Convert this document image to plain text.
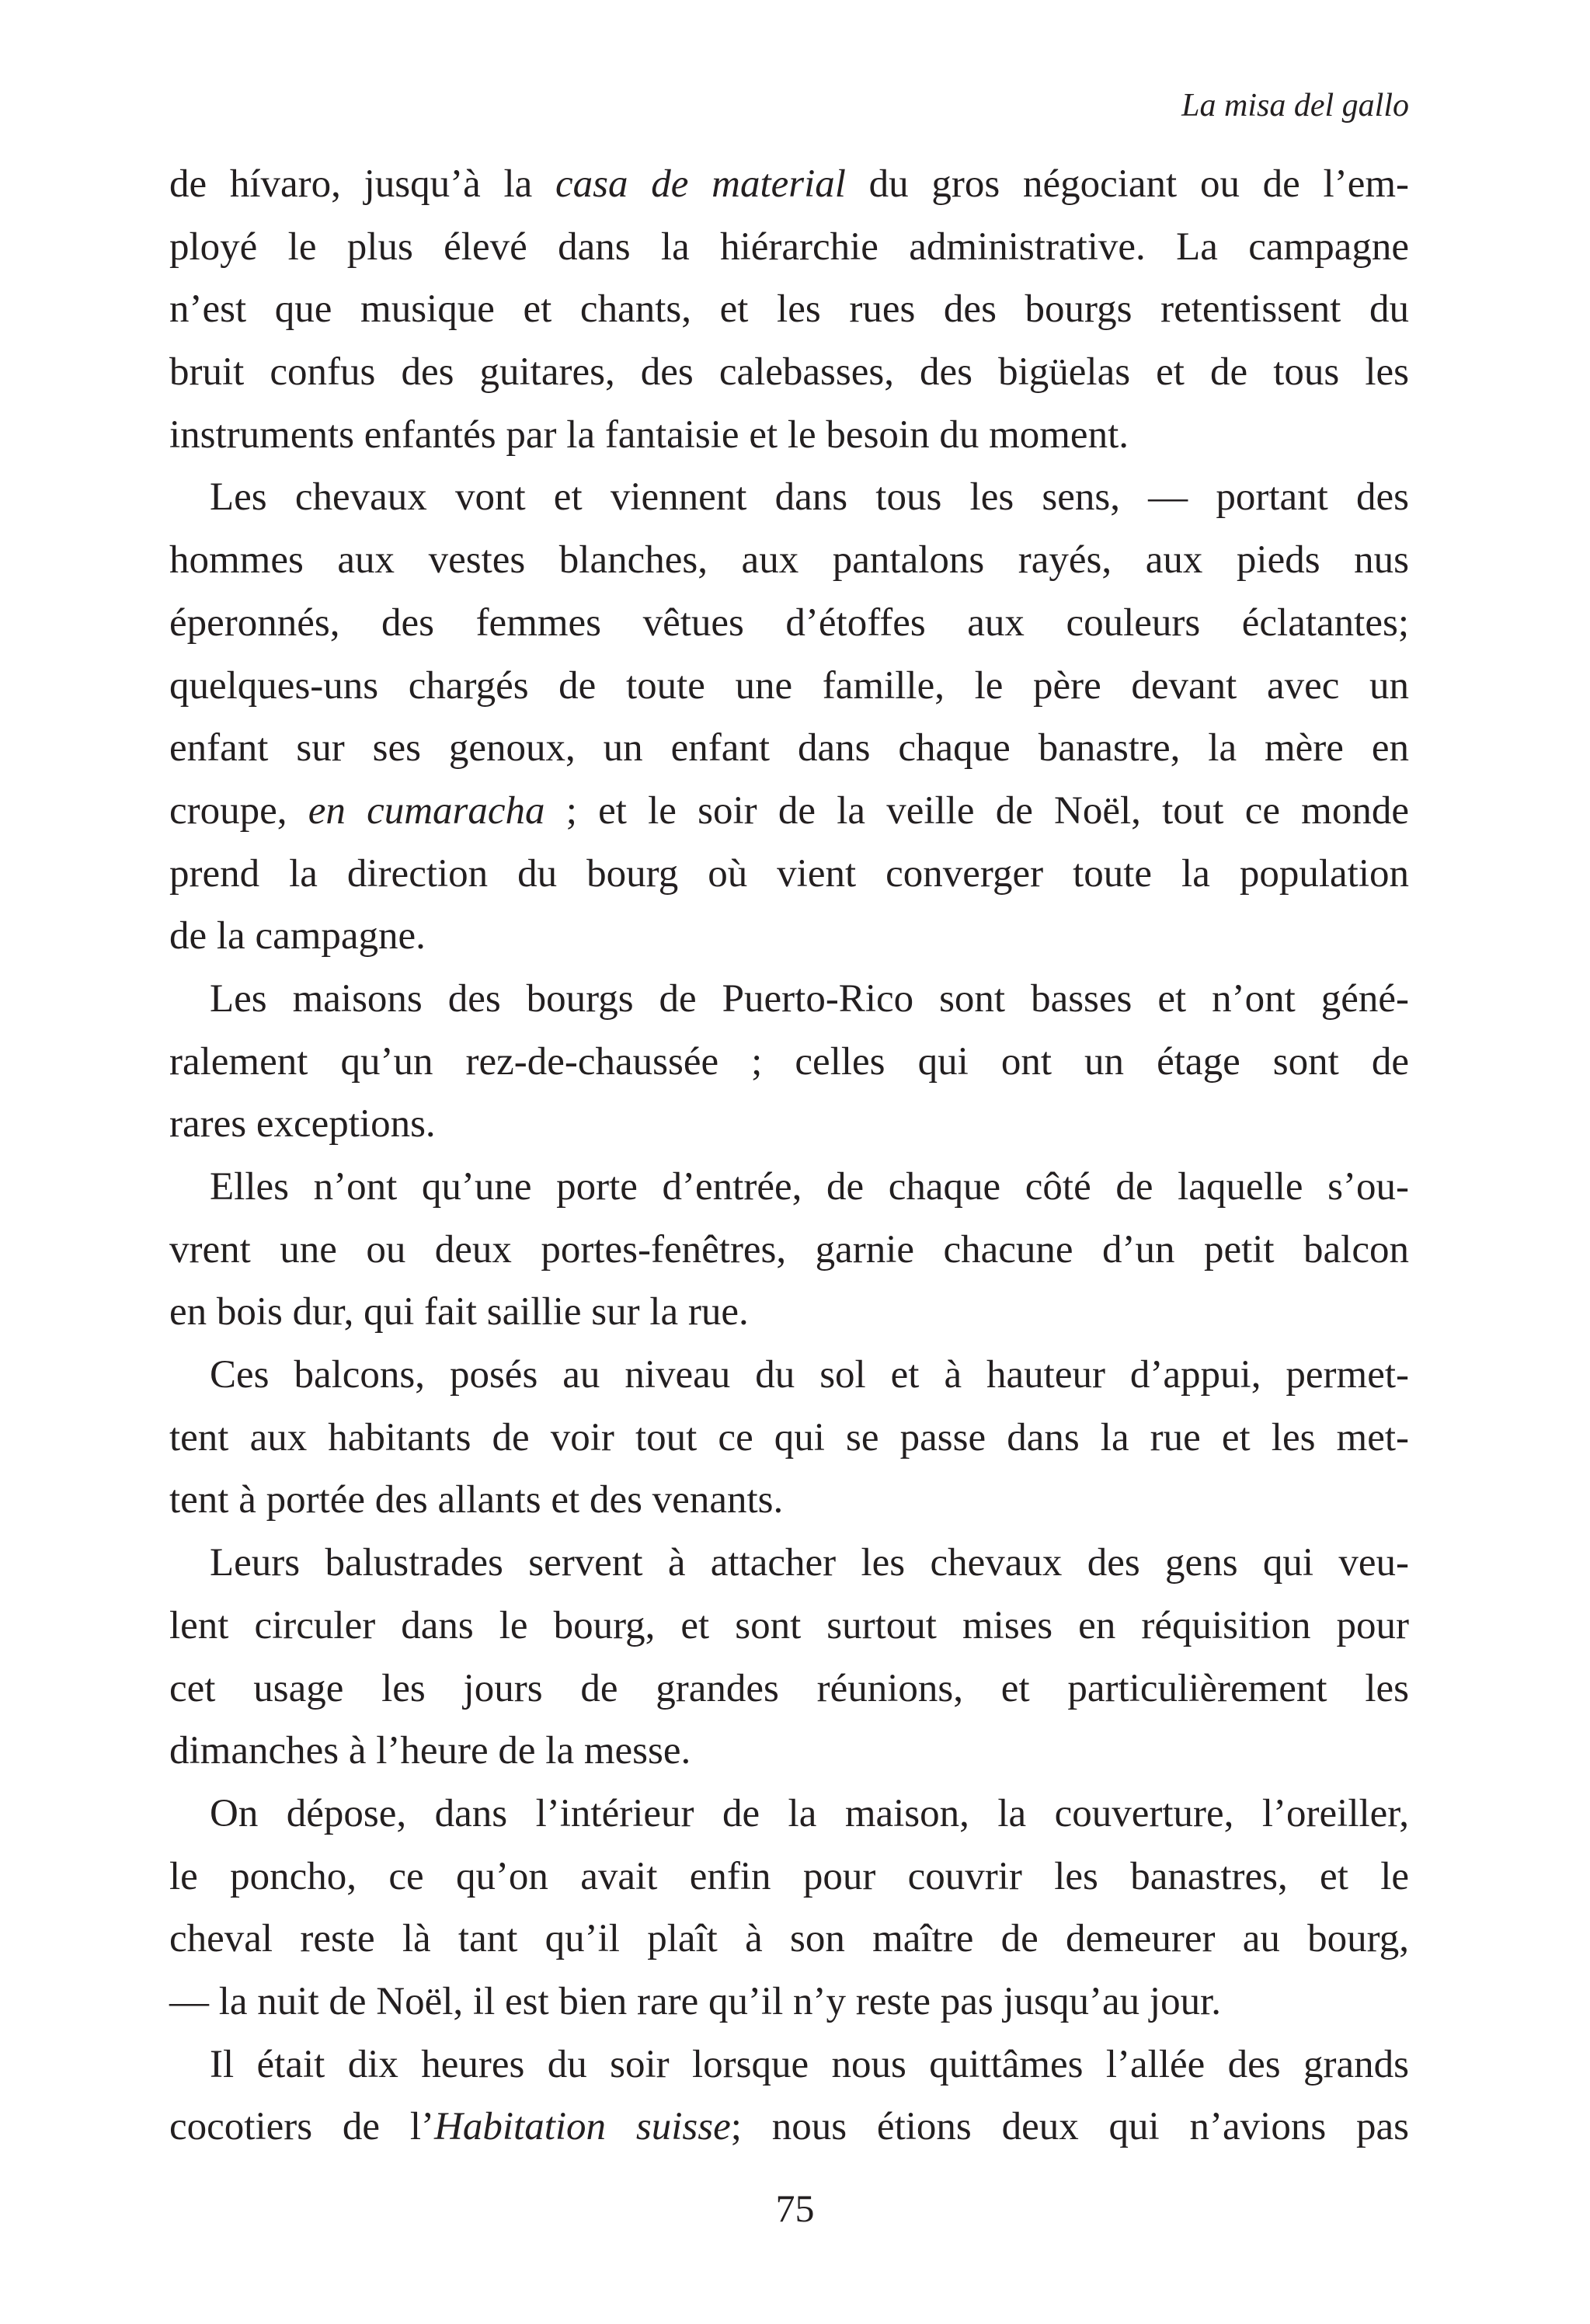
La misa del gallo
de hívaro, jusqu’à la casa de material du gros négociant ou de l’em-
ployé le plus élevé dans la hiérarchie administrative. La campagne
n’est que musique et chants, et les rues des bourgs retentissent du
bruit confus des guitares, des calebasses, des bigüelas et de tous les
instruments enfantés par la fantaisie et le besoin du moment.
Les chevaux vont et viennent dans tous les sens, — portant des
hommes aux vestes blanches, aux pantalons rayés, aux pieds nus
éperonnés, des femmes vêtues d’étoffes aux couleurs éclatantes;
quelques-uns chargés de toute une famille, le père devant avec un
enfant sur ses genoux, un enfant dans chaque banastre, la mère en
croupe, en cumaracha ; et le soir de la veille de Noël, tout ce monde
prend la direction du bourg où vient converger toute la population
de la campagne.
Les maisons des bourgs de Puerto-Rico sont basses et n’ont géné-
ralement qu’un rez-de-chaussée ; celles qui ont un étage sont de
rares exceptions.
Elles n’ont qu’une porte d’entrée, de chaque côté de laquelle s’ou-
vrent une ou deux portes-fenêtres, garnie chacune d’un petit balcon
en bois dur, qui fait saillie sur la rue.
Ces balcons, posés au niveau du sol et à hauteur d’appui, permet-
tent aux habitants de voir tout ce qui se passe dans la rue et les met-
tent à portée des allants et des venants.
Leurs balustrades servent à attacher les chevaux des gens qui veu-
lent circuler dans le bourg, et sont surtout mises en réquisition pour
cet usage les jours de grandes réunions, et particulièrement les
dimanches à l’heure de la messe.
On dépose, dans l’intérieur de la maison, la couverture, l’oreiller,
le poncho, ce qu’on avait enfin pour couvrir les banastres, et le
cheval reste là tant qu’il plaît à son maître de demeurer au bourg,
— la nuit de Noël, il est bien rare qu’il n’y reste pas jusqu’au jour.
Il était dix heures du soir lorsque nous quittâmes l’allée des grands
cocotiers de l’Habitation suisse; nous étions deux qui n’avions pas
75
